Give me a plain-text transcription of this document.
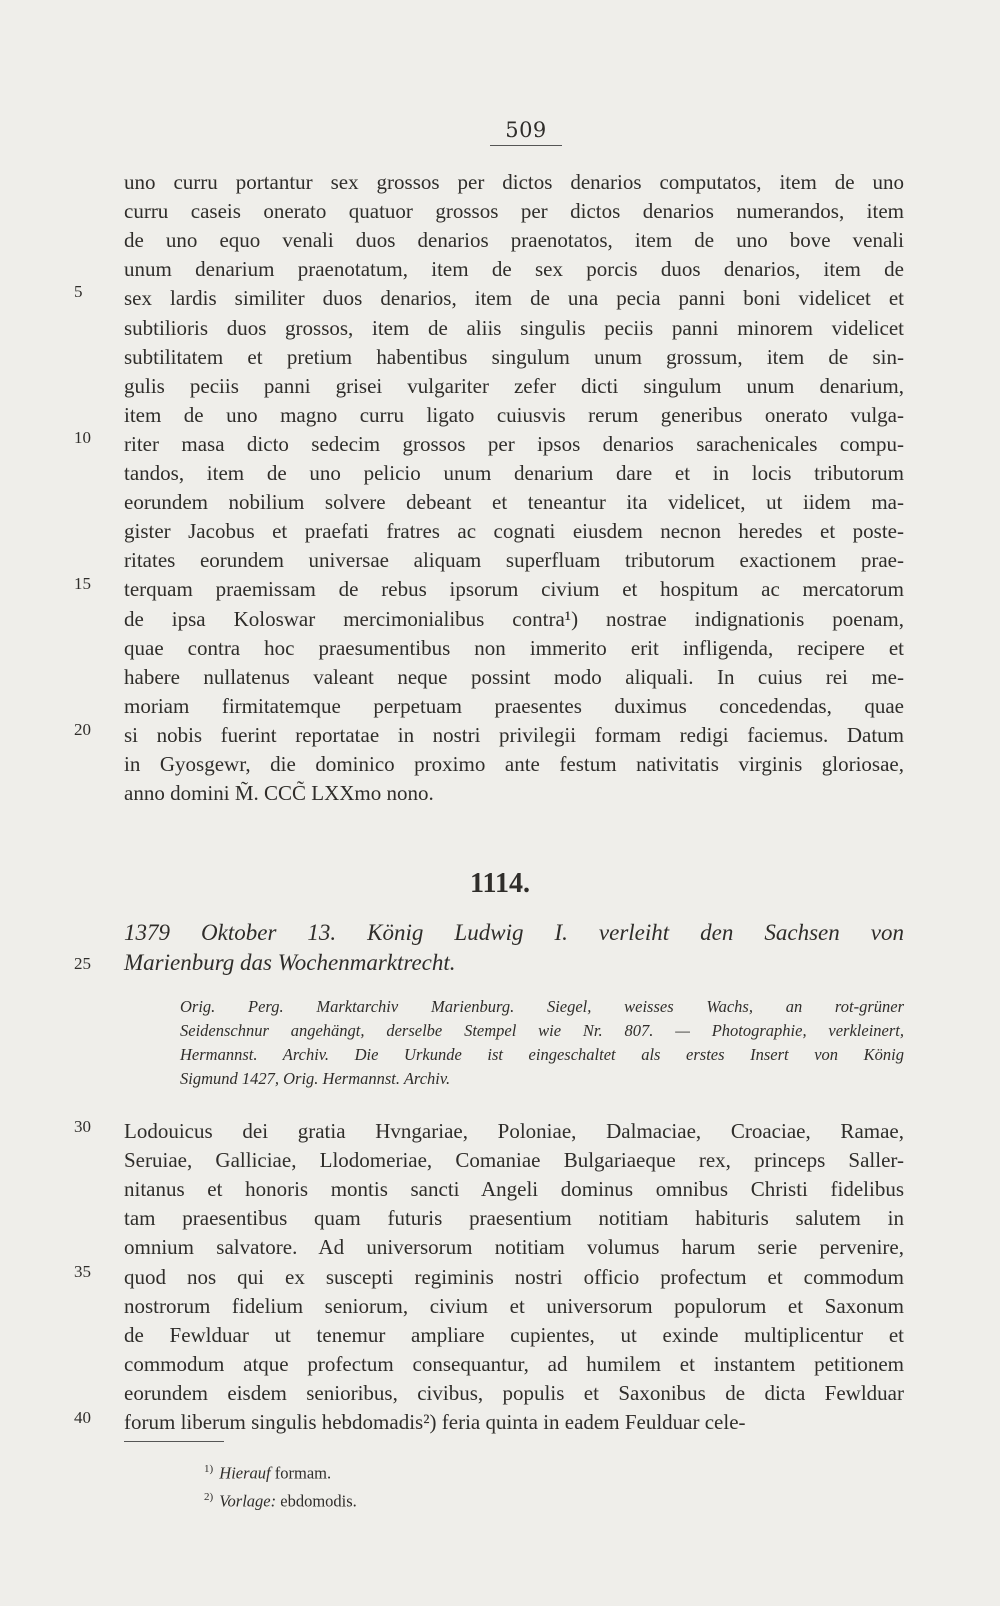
509
uno curru portantur sex grossos per dictos denarios computatos, item de uno
curru caseis onerato quatuor grossos per dictos denarios numerandos, item
de uno equo venali duos denarios praenotatos, item de uno bove venali
unum denarium praenotatum, item de sex porcis duos denarios, item de
sex lardis similiter duos denarios, item de una pecia panni boni videlicet et
subtilioris duos grossos, item de aliis singulis peciis panni minorem videlicet
subtilitatem et pretium habentibus singulum unum grossum, item de sin-
gulis peciis panni grisei vulgariter zefer dicti singulum unum denarium,
item de uno magno curru ligato cuiusvis rerum generibus onerato vulga-
riter masa dicto sedecim grossos per ipsos denarios sarachenicales compu-
tandos, item de uno pelicio unum denarium dare et in locis tributorum
eorundem nobilium solvere debeant et teneantur ita videlicet, ut iidem ma-
gister Jacobus et praefati fratres ac cognati eiusdem necnon heredes et poste-
ritates eorundem universae aliquam superfluam tributorum exactionem prae-
terquam praemissam de rebus ipsorum civium et hospitum ac mercatorum
de ipsa Koloswar mercimonialibus contra¹) nostrae indignationis poenam,
quae contra hoc praesumentibus non immerito erit infligenda, recipere et
habere nullatenus valeant neque possint modo aliquali. In cuius rei me-
moriam firmitatemque perpetuam praesentes duximus concedendas, quae
si nobis fuerint reportatae in nostri privilegii formam redigi faciemus. Datum
in Gyosgewr, die dominico proximo ante festum nativitatis virginis gloriosae,
anno domini M̃. CCC̃ LXXmo nono.
5
10
15
20
1114.
1379 Oktober 13. König Ludwig I. verleiht den Sachsen von
Marienburg das Wochenmarktrecht.
25
Orig. Perg. Marktarchiv Marienburg. Siegel, weisses Wachs, an rot-grüner
Seidenschnur angehängt, derselbe Stempel wie Nr. 807. — Photographie, verkleinert,
Hermannst. Archiv. Die Urkunde ist eingeschaltet als erstes Insert von König
Sigmund 1427, Orig. Hermannst. Archiv.
Lodouicus dei gratia Hvngariae, Poloniae, Dalmaciae, Croaciae, Ramae,
Seruiae, Galliciae, Llodomeriae, Comaniae Bulgariaeque rex, princeps Saller-
nitanus et honoris montis sancti Angeli dominus omnibus Christi fidelibus
tam praesentibus quam futuris praesentium notitiam habituris salutem in
omnium salvatore. Ad universorum notitiam volumus harum serie pervenire,
quod nos qui ex suscepti regiminis nostri officio profectum et commodum
nostrorum fidelium seniorum, civium et universorum populorum et Saxonum
de Fewlduar ut tenemur ampliare cupientes, ut exinde multiplicentur et
commodum atque profectum consequantur, ad humilem et instantem petitionem
eorundem eisdem senioribus, civibus, populis et Saxonibus de dicta Fewlduar
forum liberum singulis hebdomadis²) feria quinta in eadem Feulduar cele-
30
35
40
$^{1)}$ Hierauf formam.
$^{2)}$ Vorlage: ebdomodis.
